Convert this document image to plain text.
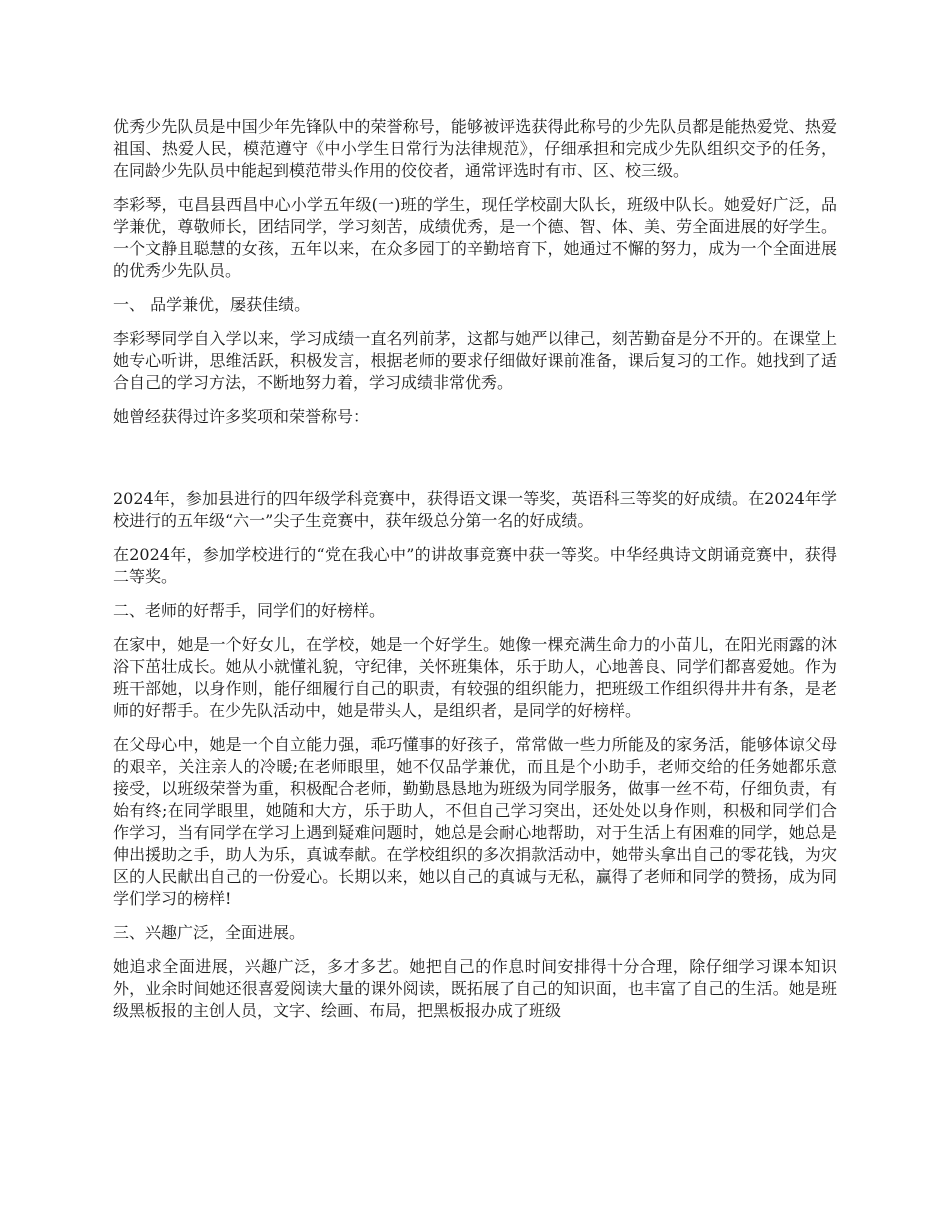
优秀少先队员是中国少年先锋队中的荣誉称号，能够被评选获得此称号的少先队员都是能热爱党、热爱祖国、热爱人民，模范遵守《中小学生日常行为法律规范》，仔细承担和完成少先队组织交予的任务，在同龄少先队员中能起到模范带头作用的佼佼者，通常评选时有市、区、校三级。

李彩琴，屯昌县西昌中心小学五年级(一)班的学生，现任学校副大队长，班级中队长。她爱好广泛，品学兼优，尊敬师长，团结同学，学习刻苦，成绩优秀，是一个德、智、体、美、劳全面进展的好学生。一个文静且聪慧的女孩，五年以来，在众多园丁的辛勤培育下，她通过不懈的努力，成为一个全面进展的优秀少先队员。

一、 品学兼优，屡获佳绩。

李彩琴同学自入学以来，学习成绩一直名列前茅，这都与她严以律己，刻苦勤奋是分不开的。在课堂上她专心听讲，思维活跃，积极发言，根据老师的要求仔细做好课前准备，课后复习的工作。她找到了适合自己的学习方法，不断地努力着，学习成绩非常优秀。

她曾经获得过许多奖项和荣誉称号：

2024年，参加县进行的四年级学科竞赛中，获得语文课一等奖，英语科三等奖的好成绩。在2024年学校进行的五年级“六一”尖子生竞赛中，获年级总分第一名的好成绩。

在2024年，参加学校进行的“党在我心中”的讲故事竞赛中获一等奖。中华经典诗文朗诵竞赛中，获得二等奖。

二、老师的好帮手，同学们的好榜样。

在家中，她是一个好女儿，在学校，她是一个好学生。她像一棵充满生命力的小苗儿，在阳光雨露的沐浴下茁壮成长。她从小就懂礼貌，守纪律，关怀班集体，乐于助人，心地善良、同学们都喜爱她。作为班干部她，以身作则，能仔细履行自己的职责，有较强的组织能力，把班级工作组织得井井有条，是老师的好帮手。在少先队活动中，她是带头人，是组织者，是同学的好榜样。

在父母心中，她是一个自立能力强，乖巧懂事的好孩子，常常做一些力所能及的家务活，能够体谅父母的艰辛，关注亲人的冷暖;在老师眼里，她不仅品学兼优，而且是个小助手，老师交给的任务她都乐意接受，以班级荣誉为重，积极配合老师，勤勤恳恳地为班级为同学服务，做事一丝不苟，仔细负责，有始有终;在同学眼里，她随和大方，乐于助人，不但自己学习突出，还处处以身作则，积极和同学们合作学习，当有同学在学习上遇到疑难问题时，她总是会耐心地帮助，对于生活上有困难的同学，她总是伸出援助之手，助人为乐，真诚奉献。在学校组织的多次捐款活动中，她带头拿出自己的零花钱，为灾区的人民献出自己的一份爱心。长期以来，她以自己的真诚与无私，赢得了老师和同学的赞扬，成为同学们学习的榜样!

三、兴趣广泛，全面进展。

她追求全面进展，兴趣广泛，多才多艺。她把自己的作息时间安排得十分合理，除仔细学习课本知识外，业余时间她还很喜爱阅读大量的课外阅读，既拓展了自己的知识面，也丰富了自己的生活。她是班级黑板报的主创人员，文字、绘画、布局，把黑板报办成了班级
